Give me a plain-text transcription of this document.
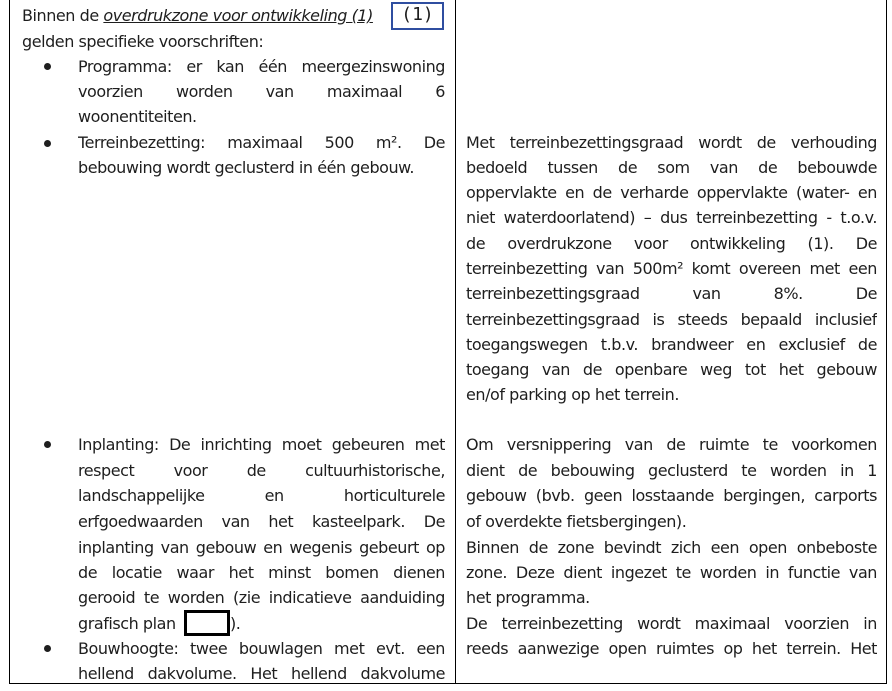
Binnen de overdrukzone voor ontwikkeling (1)	(1)
gelden specifieke voorschriften:
Programma: er kan één meergezinswoning
voorzien worden van maximaal 6
woonentiteiten.
Terreinbezetting: maximaal 500 m². De
bebouwing wordt geclusterd in één gebouw.
Inplanting: De inrichting moet gebeuren met
respect voor de cultuurhistorische,
landschappelijke en horticulturele
erfgoedwaarden van het kasteelpark. De
inplanting van gebouw en wegenis gebeurt op
de locatie waar het minst bomen dienen
gerooid te worden (zie indicatieve aanduiding
grafisch plan	).
Bouwhoogte: twee bouwlagen met evt. een
hellend dakvolume. Het hellend dakvolume
Met terreinbezettingsgraad wordt de verhouding
bedoeld tussen de som van de bebouwde
oppervlakte en de verharde oppervlakte (water- en
niet waterdoorlatend) – dus terreinbezetting - t.o.v.
de overdrukzone voor ontwikkeling (1). De
terreinbezetting van 500m² komt overeen met een
terreinbezettingsgraad van 8%. De
terreinbezettingsgraad is steeds bepaald inclusief
toegangswegen t.b.v. brandweer en exclusief de
toegang van de openbare weg tot het gebouw
en/of parking op het terrein.
Om versnippering van de ruimte te voorkomen
dient de bebouwing geclusterd te worden in 1
gebouw (bvb. geen losstaande bergingen, carports
of overdekte fietsbergingen).
Binnen de zone bevindt zich een open onbeboste
zone. Deze dient ingezet te worden in functie van
het programma.
De terreinbezetting wordt maximaal voorzien in
reeds aanwezige open ruimtes op het terrein. Het
